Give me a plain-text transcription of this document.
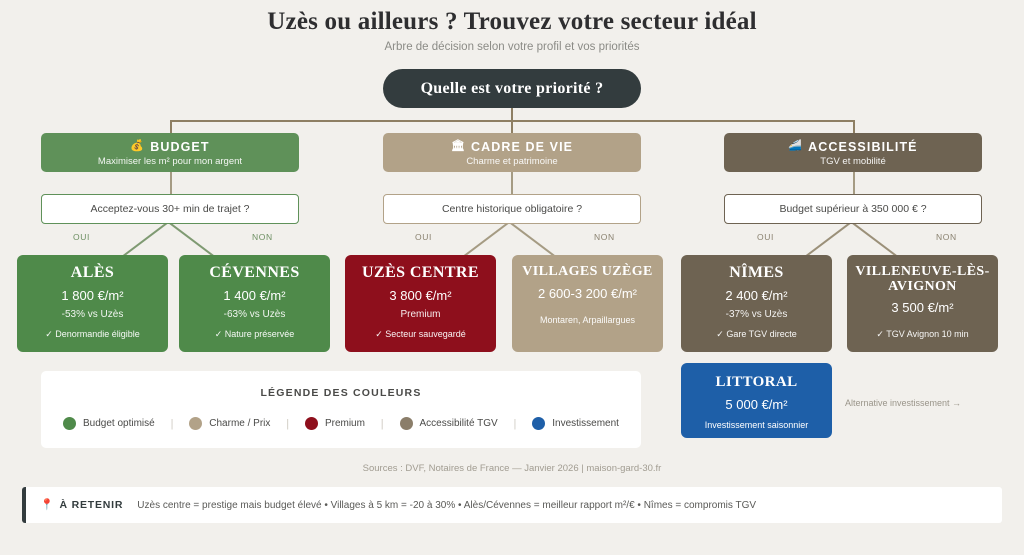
Uzès ou ailleurs ? Trouvez votre secteur idéal
Arbre de décision selon votre profil et vos priorités
Quelle est votre priorité ?
OUI	NON	OUI	NON	OUI	NON
💰 BUDGET
Maximiser les m² pour mon argent
🏛 CADRE DE VIE
Charme et patrimoine
🚄 ACCESSIBILITÉ
TGV et mobilité
Acceptez-vous 30+ min de trajet ?	Centre historique obligatoire ?	Budget supérieur à 350 000 € ?
ALÈS
1 800 €/m²
-53% vs Uzès
✓ Denormandie éligible
CÉVENNES
1 400 €/m²
-63% vs Uzès
✓ Nature préservée
UZÈS CENTRE
3 800 €/m²
Premium
✓ Secteur sauvegardé
VILLAGES UZÈGE
2 600-3 200 €/m²
Montaren, Arpaillargues
NÎMES
2 400 €/m²
-37% vs Uzès
✓ Gare TGV directe
VILLENEUVE-LÈS-AVIGNON
3 500 €/m²
✓ TGV Avignon 10 min
LITTORAL
5 000 €/m²
Investissement saisonnier
Alternative investissement →
LÉGENDE DES COULEURS
Budget optimisé |	Charme / Prix |	Premium |	Accessibilité TGV |	Investissement
Sources : DVF, Notaires de France — Janvier 2026 | maison-gard-30.fr
📍 À RETENIR Uzès centre = prestige mais budget élevé • Villages à 5 km = -20 à 30% • Alès/Cévennes = meilleur rapport m²/€ • Nîmes = compromis TGV
